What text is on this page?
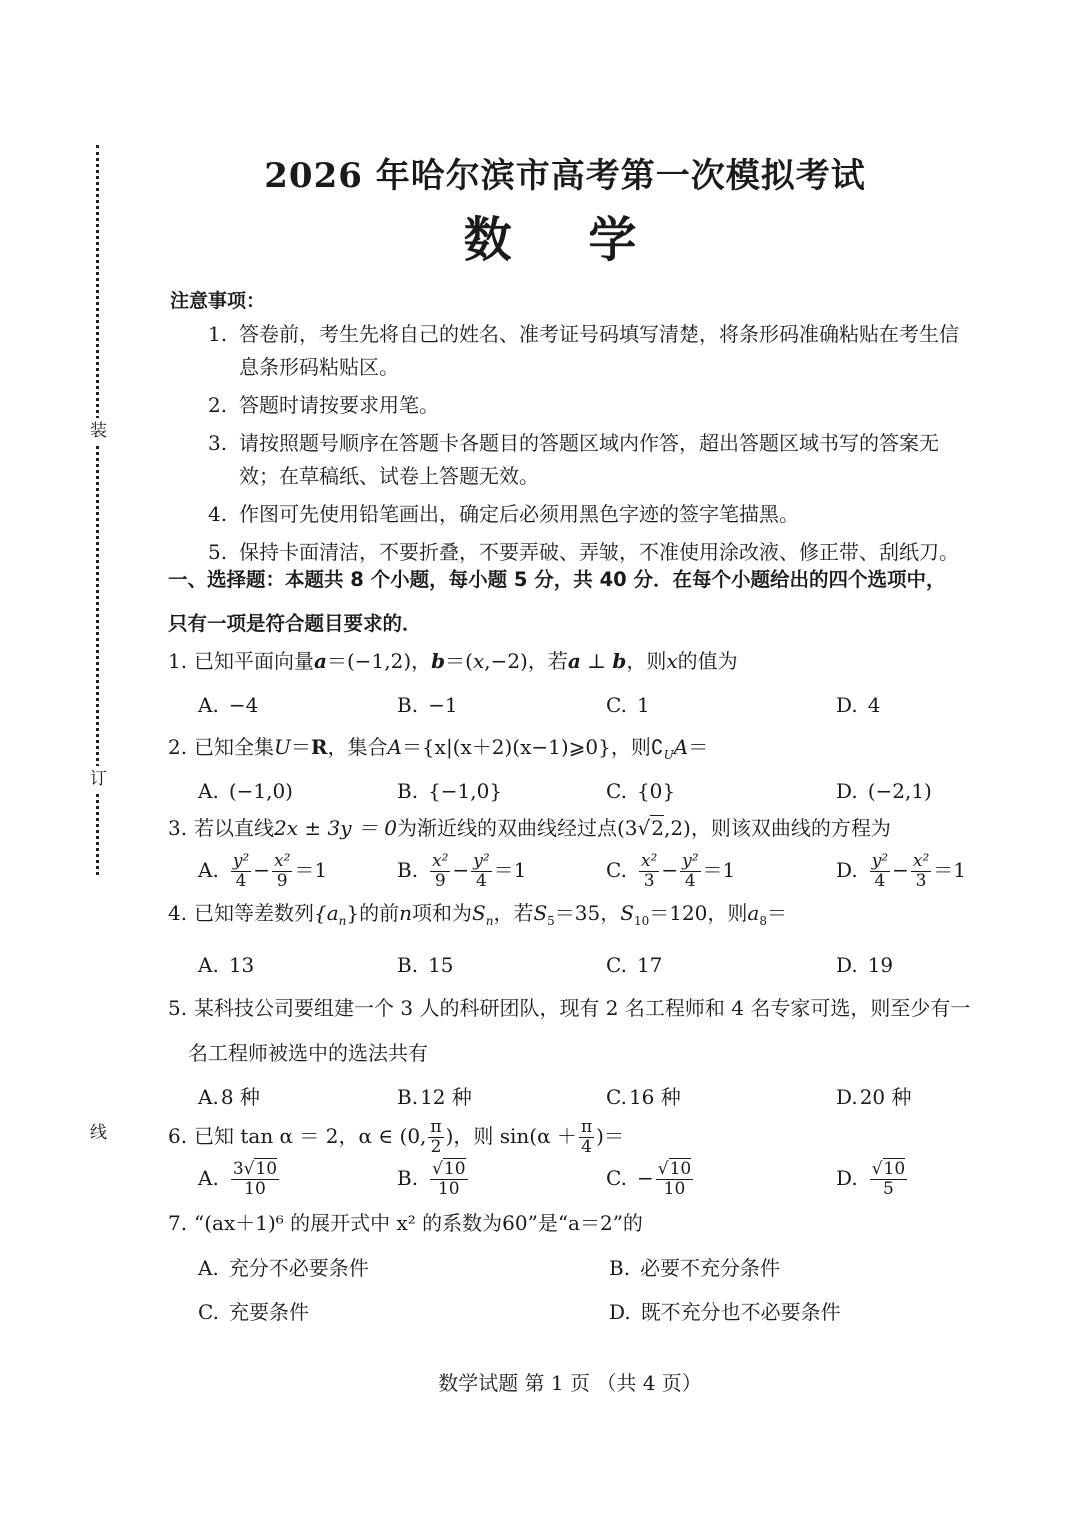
装
订
线
2026 年哈尔滨市高考第一次模拟考试
数 学
注意事项：
1. 答卷前，考生先将自己的姓名、准考证号码填写清楚，将条形码准确粘贴在考生信息条形码粘贴区。
2. 答题时请按要求用笔。
3. 请按照题号顺序在答题卡各题目的答题区域内作答，超出答题区域书写的答案无效；在草稿纸、试卷上答题无效。
4. 作图可先使用铅笔画出，确定后必须用黑色字迹的签字笔描黑。
5. 保持卡面清洁，不要折叠，不要弄破、弄皱，不准使用涂改液、修正带、刮纸刀。
一、选择题：本题共 8 个小题，每小题 5 分，共 40 分．在每个小题给出的四个选项中，
只有一项是符合题目要求的．
1. 已知平面向量a＝(−1,2)，b＝(x,−2)，若a ⊥ b，则x的值为
A. −4	B. −1	C. 1	D. 4
2. 已知全集U＝R，集合A＝{x|(x＋2)(x−1)⩾0}，则$∁_UA=$
A. (−1,0)	B. {−1,0}	C. {0}	D. (−2,1)
3. 若以直线2x ± 3y ＝ 0为渐近线的双曲线经过点(3√2,2)，则该双曲线的方程为
A. $\frac{\text{y²}}{4} - \frac{\text{x²}}{9} =1$	B. $\frac{\text{x²}}{9} - \frac{\text{y²}}{4} =1$	C. $\frac{\text{x²}}{3} - \frac{\text{y²}}{4} =1$	D. $\frac{\text{y²}}{4} - \frac{\text{x²}}{3} =1$
4. 已知等差数列$\{a_n\}$的前n项和为$S_n$，若$S_5=35$，$S_{10}=120$，则$a_8=$
A. 13	B. 15	C. 17	D. 19
5. 某科技公司要组建一个 3 人的科研团队，现有 2 名工程师和 4 名专家可选，则至少有一
名工程师被选中的选法共有
A. 8 种	B. 12 种	C. 16 种	D. 20 种
6. 已知 tan α ＝ 2，α ∈ (0, $\frac{\pi}{2}$ )，则 $\sin(\alpha + \frac{\pi}{4}$ )＝
A. $\frac{3√10}{10}$	B. $\frac{√10}{10}$	C. − $\frac{√10}{10}$	D. $\frac{√10}{5}$
7. “(ax＋1)⁶ 的展开式中 x² 的系数为60”是“a＝2”的
A. 充分不必要条件	B. 必要不充分条件
C. 充要条件	D. 既不充分也不必要条件
数学试题 第 1 页 （共 4 页）
